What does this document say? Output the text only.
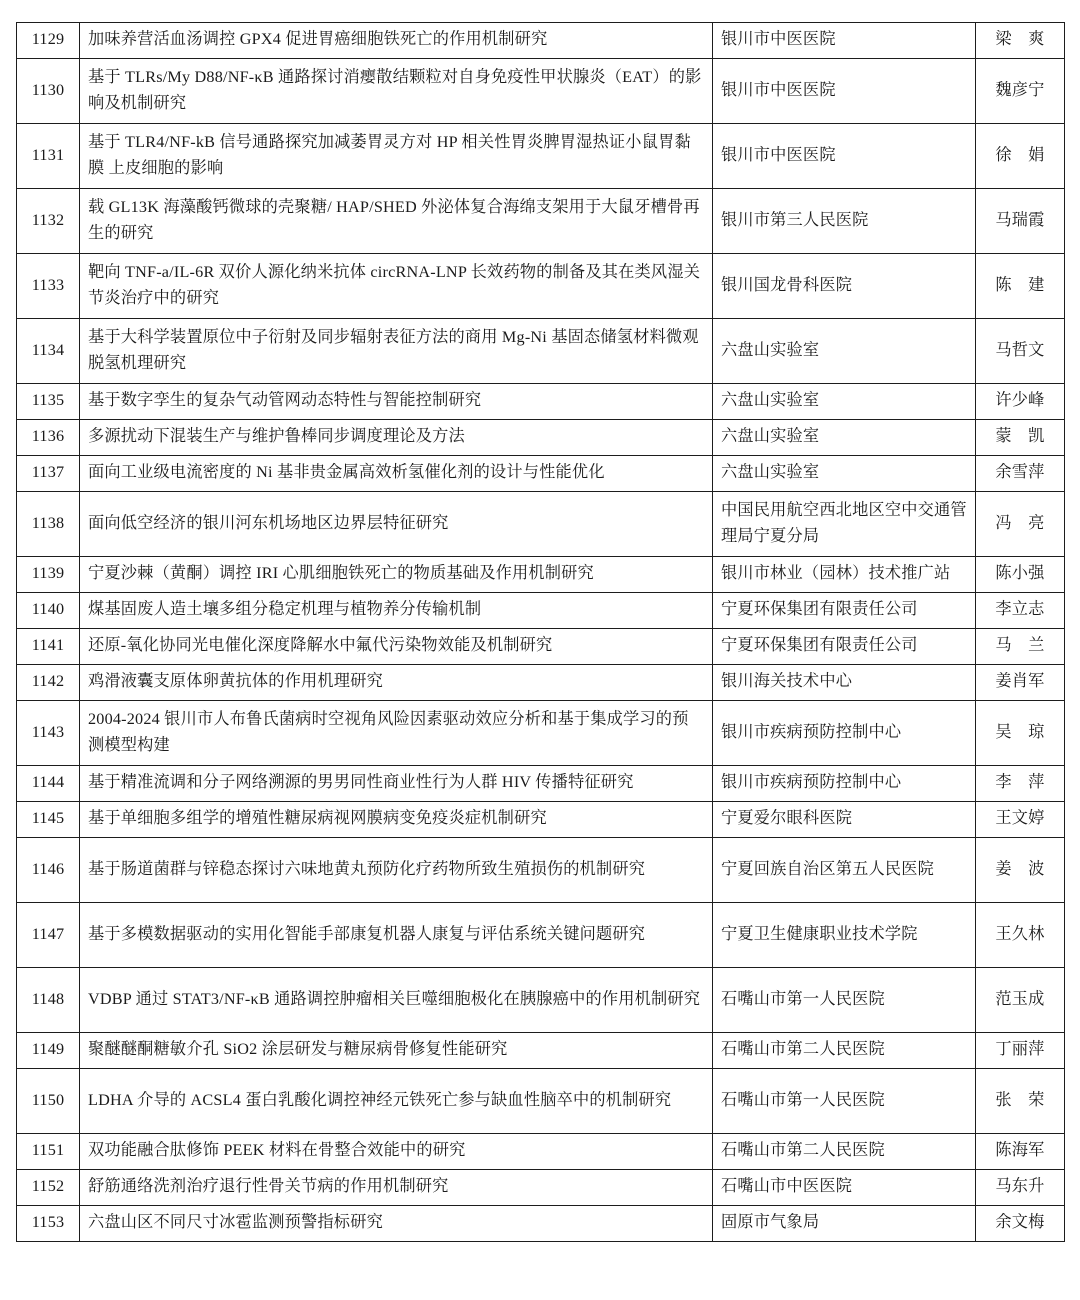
1129	加味养营活血汤调控 GPX4 促进胃癌细胞铁死亡的作用机制研究	银川市中医医院	梁　爽
1130	基于 TLRs/My D88/NF-κB 通路探讨消瘿散结颗粒对自身免疫性甲状腺炎（EAT）的影响及机制研究	银川市中医医院	魏彦宁
1131	基于 TLR4/NF-kB 信号通路探究加减萎胃灵方对 HP 相关性胃炎脾胃湿热证小鼠胃黏膜 上皮细胞的影响	银川市中医医院	徐　娟
1132	载 GL13K 海藻酸钙微球的壳聚糖/ HAP/SHED 外泌体复合海绵支架用于大鼠牙槽骨再生的研究	银川市第三人民医院	马瑞霞
1133	靶向 TNF-a/IL-6R 双价人源化纳米抗体 circRNA-LNP 长效药物的制备及其在类风湿关节炎治疗中的研究	银川国龙骨科医院	陈　建
1134	基于大科学装置原位中子衍射及同步辐射表征方法的商用 Mg-Ni 基固态储氢材料微观脱氢机理研究	六盘山实验室	马哲文
1135	基于数字孪生的复杂气动管网动态特性与智能控制研究	六盘山实验室	许少峰
1136	多源扰动下混装生产与维护鲁棒同步调度理论及方法	六盘山实验室	蒙　凯
1137	面向工业级电流密度的 Ni 基非贵金属高效析氢催化剂的设计与性能优化	六盘山实验室	余雪萍
1138	面向低空经济的银川河东机场地区边界层特征研究	中国民用航空西北地区空中交通管理局宁夏分局	冯　亮
1139	宁夏沙棘（黄酮）调控 IRI 心肌细胞铁死亡的物质基础及作用机制研究	银川市林业（园林）技术推广站	陈小强
1140	煤基固废人造土壤多组分稳定机理与植物养分传输机制	宁夏环保集团有限责任公司	李立志
1141	还原-氧化协同光电催化深度降解水中氟代污染物效能及机制研究	宁夏环保集团有限责任公司	马　兰
1142	鸡滑液囊支原体卵黄抗体的作用机理研究	银川海关技术中心	姜肖军
1143	2004-2024 银川市人布鲁氏菌病时空视角风险因素驱动效应分析和基于集成学习的预测模型构建	银川市疾病预防控制中心	吴　琼
1144	基于精准流调和分子网络溯源的男男同性商业性行为人群 HIV 传播特征研究	银川市疾病预防控制中心	李　萍
1145	基于单细胞多组学的增殖性糖尿病视网膜病变免疫炎症机制研究	宁夏爱尔眼科医院	王文婷
1146	基于肠道菌群与锌稳态探讨六味地黄丸预防化疗药物所致生殖损伤的机制研究	宁夏回族自治区第五人民医院	姜　波
1147	基于多模数据驱动的实用化智能手部康复机器人康复与评估系统关键问题研究	宁夏卫生健康职业技术学院	王久林
1148	VDBP 通过 STAT3/NF-κB 通路调控肿瘤相关巨噬细胞极化在胰腺癌中的作用机制研究	石嘴山市第一人民医院	范玉成
1149	聚醚醚酮糖敏介孔 SiO2 涂层研发与糖尿病骨修复性能研究	石嘴山市第二人民医院	丁丽萍
1150	LDHA 介导的 ACSL4 蛋白乳酸化调控神经元铁死亡参与缺血性脑卒中的机制研究	石嘴山市第一人民医院	张　荣
1151	双功能融合肽修饰 PEEK 材料在骨整合效能中的研究	石嘴山市第二人民医院	陈海军
1152	舒筋通络洗剂治疗退行性骨关节病的作用机制研究	石嘴山市中医医院	马东升
1153	六盘山区不同尺寸冰雹监测预警指标研究	固原市气象局	余文梅
